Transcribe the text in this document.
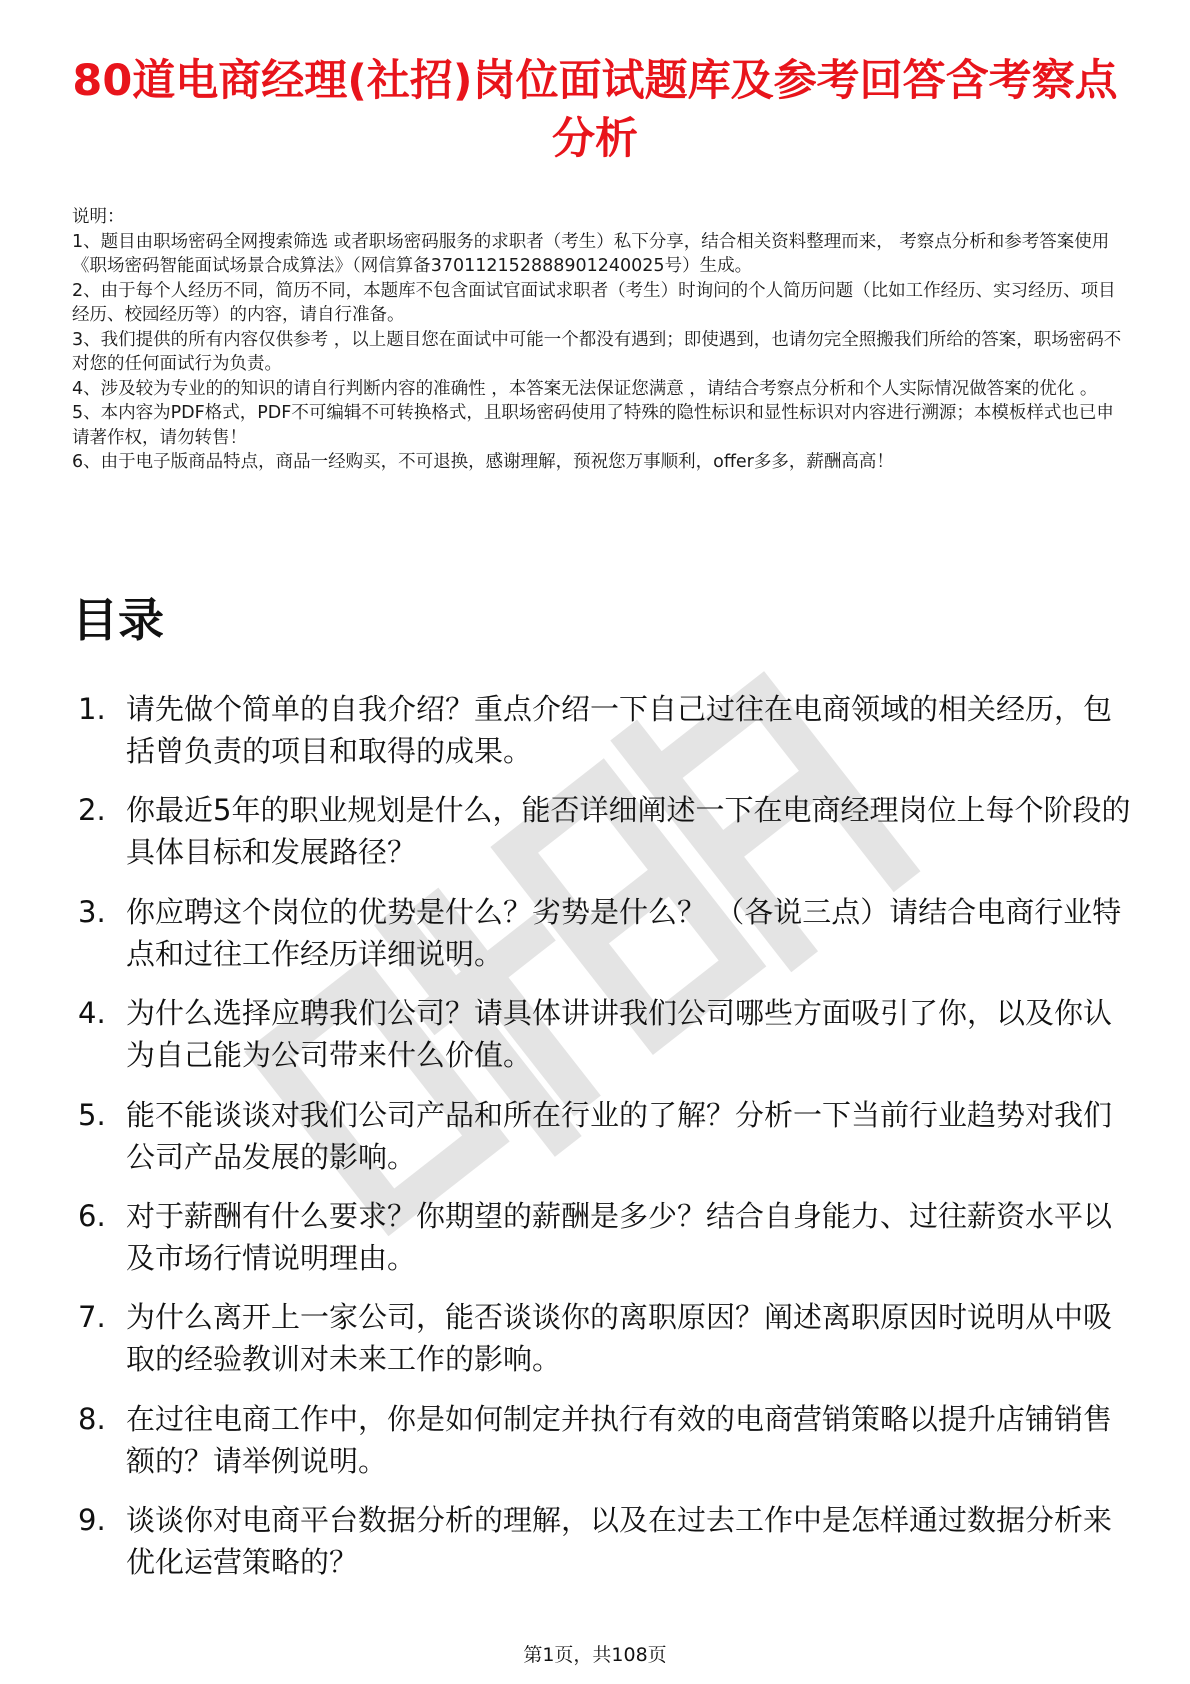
80道电商经理(社招)岗位面试题库及参考回答含考察点分析

说明：

1、题目由职场密码全网搜索筛选 或者职场密码服务的求职者（考生）私下分享，结合相关资料整理而来， 考察点分析和参考答案使用《职场密码智能面试场景合成算法》（网信算备370112152888901240025号）生成。

2、由于每个人经历不同，简历不同，本题库不包含面试官面试求职者（考生）时询问的个人简历问题（比如工作经历、实习经历、项目经历、校园经历等）的内容，请自行准备。

3、我们提供的所有内容仅供参考 ，以上题目您在面试中可能一个都没有遇到；即使遇到，也请勿完全照搬我们所给的答案，职场密码不对您的任何面试行为负责。

4、涉及较为专业的的知识的请自行判断内容的准确性 ，本答案无法保证您满意 ，请结合考察点分析和个人实际情况做答案的优化 。

5、本内容为PDF格式，PDF不可编辑不可转换格式，且职场密码使用了特殊的隐性标识和显性标识对内容进行溯源；本模板样式也已申请著作权，请勿转售！

6、由于电子版商品特点，商品一经购买，不可退换，感谢理解，预祝您万事顺利，offer多多，薪酬高高！

目录
1. 请先做个简单的自我介绍？重点介绍一下自己过往在电商领域的相关经历，包括曾负责的项目和取得的成果。
2. 你最近5年的职业规划是什么，能否详细阐述一下在电商经理岗位上每个阶段的具体目标和发展路径？
3. 你应聘这个岗位的优势是什么？劣势是什么？ （各说三点）请结合电商行业特点和过往工作经历详细说明。
4. 为什么选择应聘我们公司？请具体讲讲我们公司哪些方面吸引了你，以及你认为自己能为公司带来什么价值。
5. 能不能谈谈对我们公司产品和所在行业的了解？分析一下当前行业趋势对我们公司产品发展的影响。
6. 对于薪酬有什么要求？你期望的薪酬是多少？结合自身能力、过往薪资水平以及市场行情说明理由。
7. 为什么离开上一家公司，能否谈谈你的离职原因？阐述离职原因时说明从中吸取的经验教训对未来工作的影响。
8. 在过往电商工作中，你是如何制定并执行有效的电商营销策略以提升店铺销售额的？请举例说明。
9. 谈谈你对电商平台数据分析的理解，以及在过去工作中是怎样通过数据分析来优化运营策略的？
第1页，共108页
